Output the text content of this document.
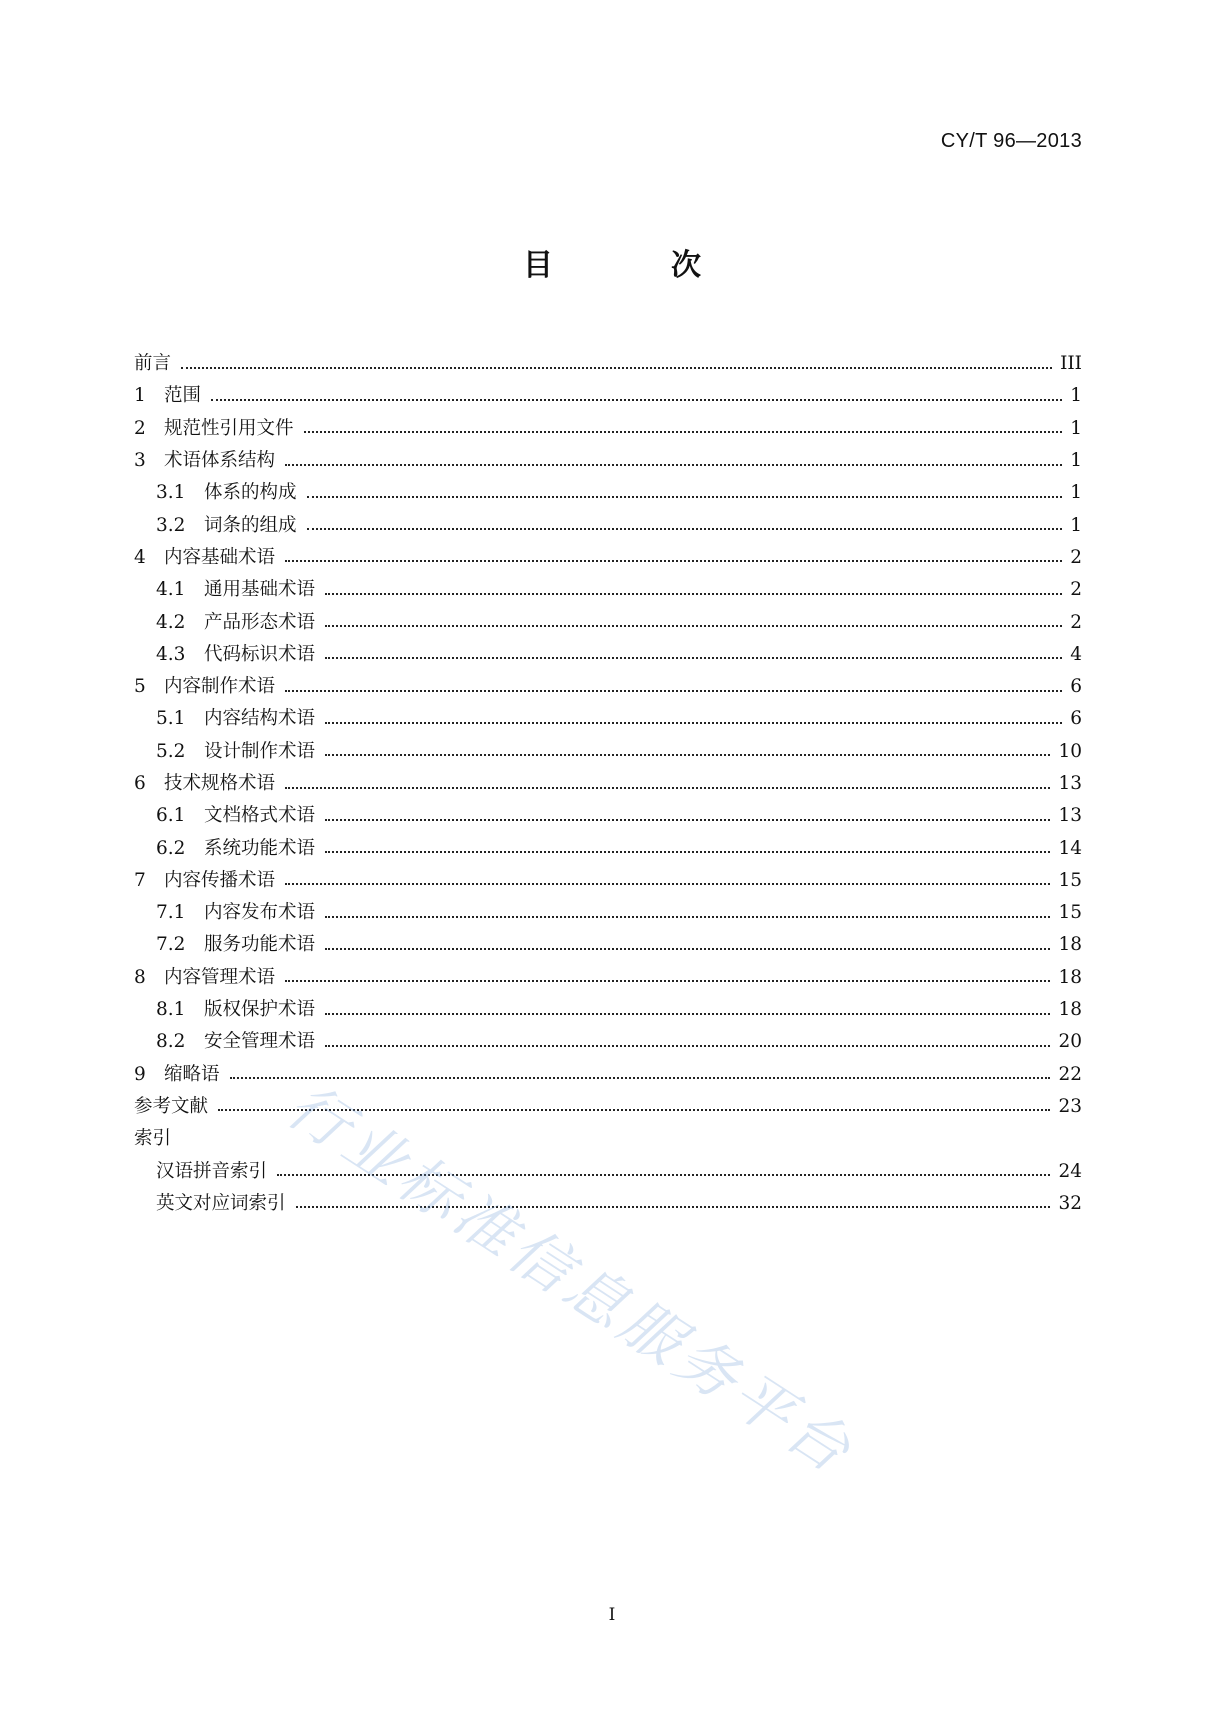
CY/T 96—2013
目	次
前言	III
1 范围	1
2 规范性引用文件	1
3 术语体系结构	1
3.1	体系的构成	1
3.2	词条的组成	1
4 内容基础术语	2
4.1	通用基础术语	2
4.2	产品形态术语	2
4.3	代码标识术语	4
5 内容制作术语	6
5.1	内容结构术语	6
5.2	设计制作术语	10
6 技术规格术语	13
6.1	文档格式术语	13
6.2	系统功能术语	14
7 内容传播术语	15
7.1	内容发布术语	15
7.2	服务功能术语	18
8 内容管理术语	18
8.1	版权保护术语	18
8.2	安全管理术语	20
9 缩略语	22
参考文献	23
索引
汉语拼音索引	24
英文对应词索引	32
行业标准信息服务平台
I
